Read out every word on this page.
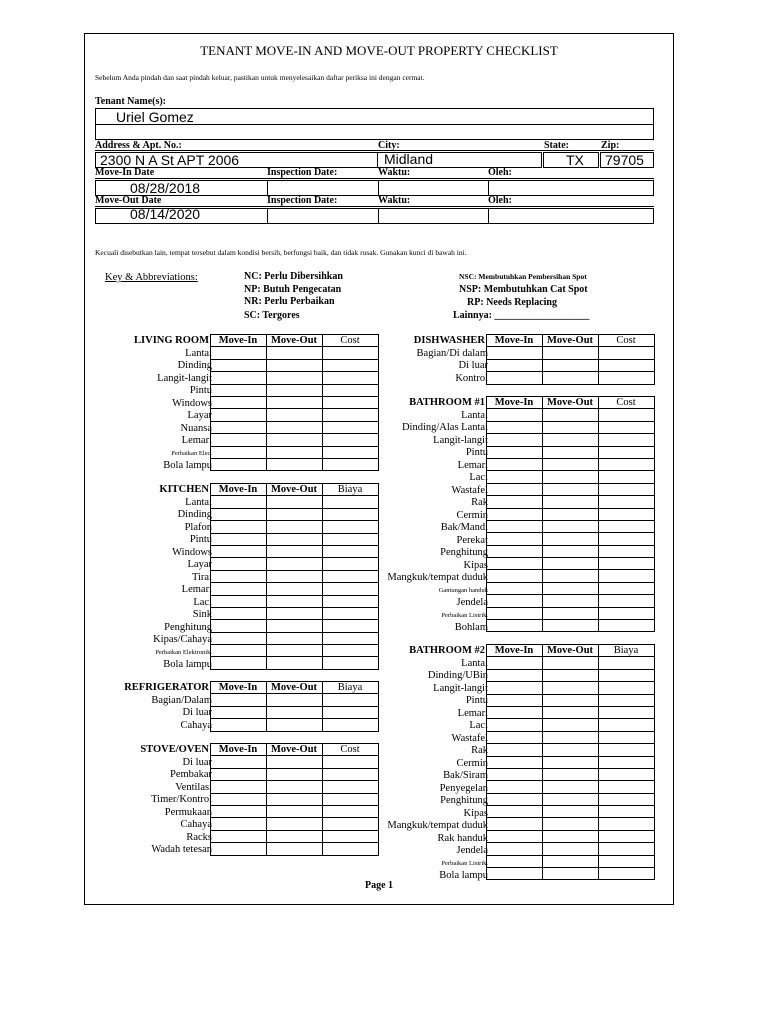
TENANT MOVE-IN AND MOVE-OUT PROPERTY CHECKLIST
Sebelum Anda pindah dan saat pindah keluar, pastikan untuk menyelesaikan daftar periksa ini dengan cermat.
Tenant Name(s):
Uriel Gomez
Address & Apt. No.:	City:	State:	Zip:
2300 N A St APT 2006	Midland	TX 79705
Move-In Date	Inspection Date:	Waktu:	Oleh:
08/28/2018
Move-Out Date	Inspection Date:	Waktu:	Oleh:
08/14/2020
Kecuali disebutkan lain, tempat tersebut dalam kondisi bersih, berfungsi baik, dan tidak rusak. Gunakan kunci di bawah ini.
Key & Abbreviations:	NC: Perlu Dibersihkan
NP: Butuh Pengecatan
NR: Perlu Perbaikan
SC: Tergores
NSC: Membutuhkan Pembersihan Spot
NSP: Membutuhkan Cat Spot
RP: Needs Replacing
Lainnya: ___________________
LIVING ROOM

		Move-In	Move-Out	Cost
Lantai
Dinding
Langit-langit
Pintu
Windows
Layar
Nuansa
Lemari
Perbaikan Elec.
Bola lampu
KITCHEN

		Move-In	Move-Out	Biaya
Lantai
Dinding
Plafon
Pintu
Windows
Layar
Tirai
Lemari
Laci
Sink
Penghitung
Kipas/Cahaya
Perbaikan Elektronik.
Bola lampu
REFRIGERATOR

		Move-In	Move-Out	Biaya
Bagian/Dalam
Di luar
Cahaya
STOVE/OVEN

		Move-In	Move-Out	Cost
Di luar
Pembakar
Ventilasi
Timer/Kontrol
Permukaan
Cahaya
Racks
Wadah tetesan
DISHWASHER

		Move-In	Move-Out	Cost
Bagian/Di dalam
Di luar
Kontrol
BATHROOM #1

		Move-In	Move-Out	Cost
Lantai
Dinding/Alas Lantai
Langit-langit
Pintu
Lemari
Laci
Wastafel
Rak
Cermin
Bak/Mandi
Perekat
Penghitung
Kipas
Mangkuk/tempat duduk
Gantungan handuk
Jendela
Perbaikan Listrik.
Bohlam
BATHROOM #2

		Move-In	Move-Out	Biaya
Lantai
Dinding/UBin
Langit-langit
Pintu
Lemari
Laci
Wastafel
Rak
Cermin
Bak/Siram
Penyegelan
Penghitung
Kipas
Mangkuk/tempat duduk
Rak handuk
Jendela
Perbaikan Listrik.
Bola lampu
Page 1
